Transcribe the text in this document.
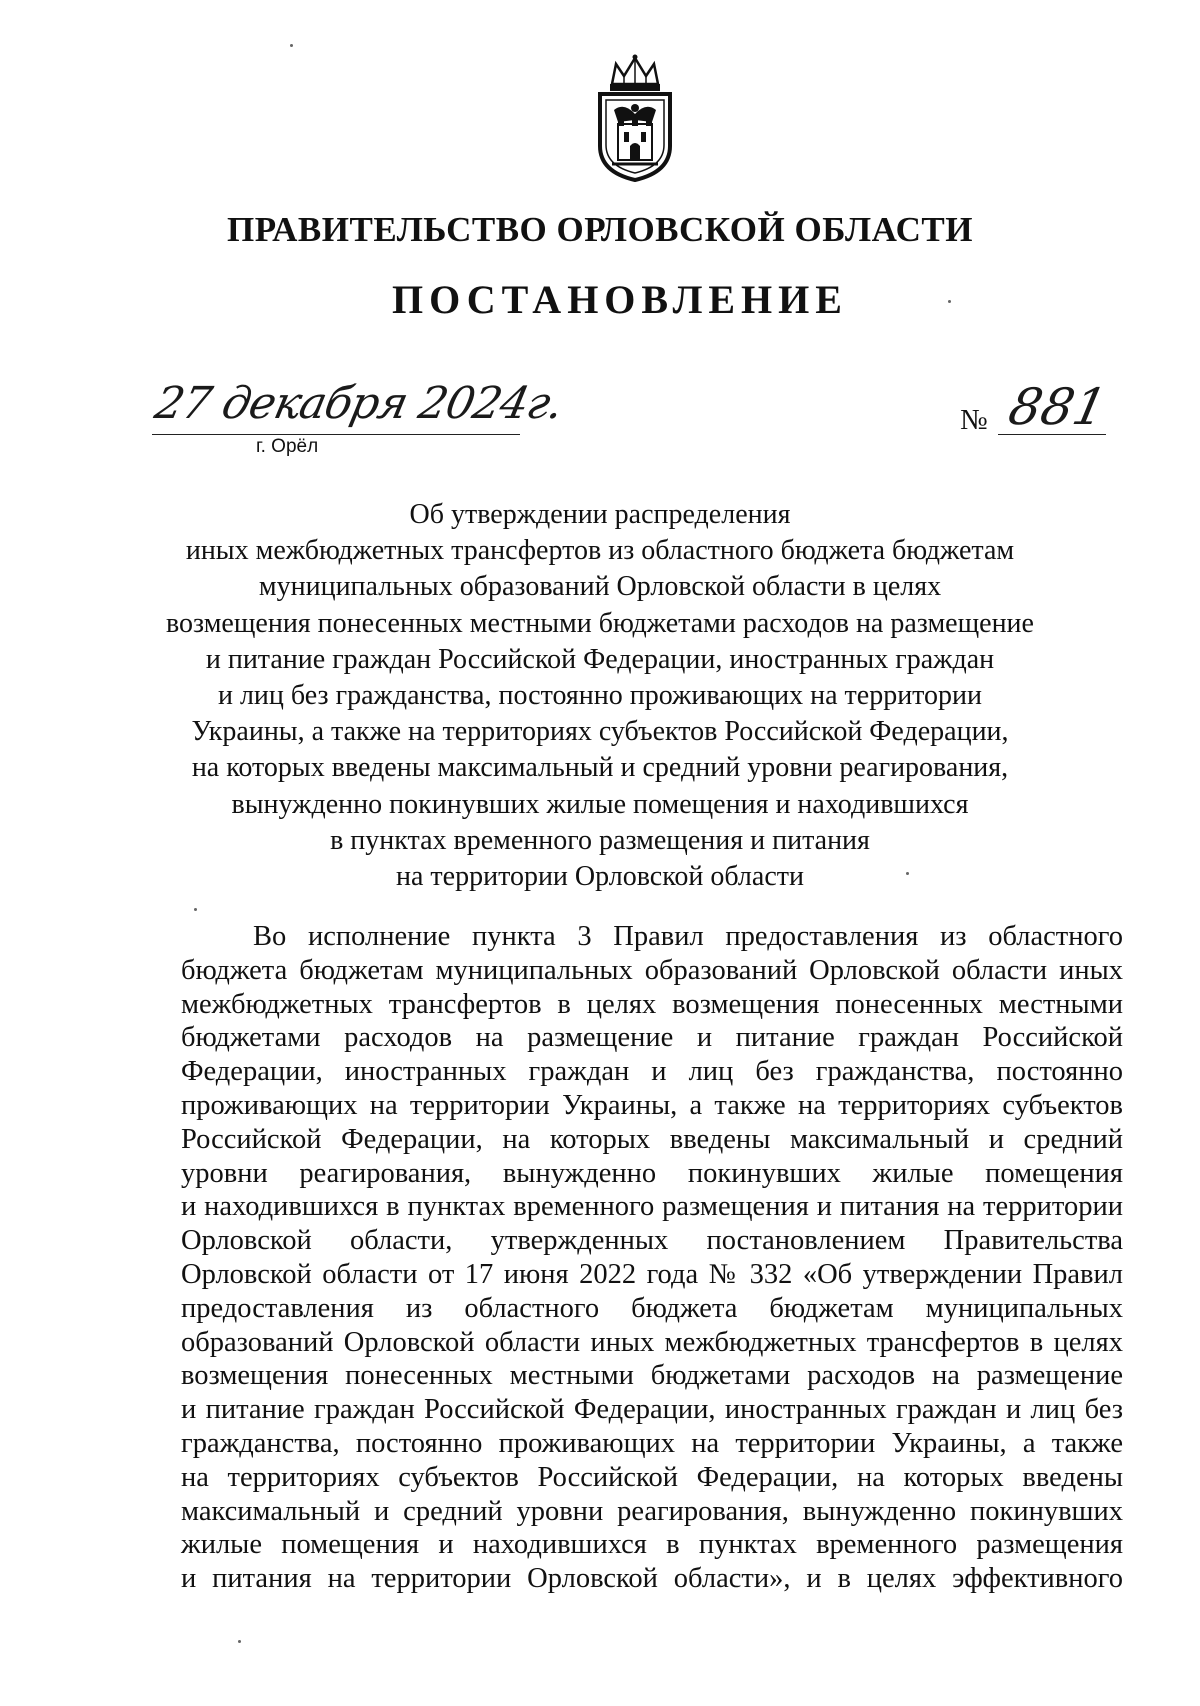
ПРАВИТЕЛЬСТВО ОРЛОВСКОЙ ОБЛАСТИ
ПОСТАНОВЛЕНИЕ
27 декабря 2024г.
г. Орёл
№ 881
Об утверждении распределения
иных межбюджетных трансфертов из областного бюджета бюджетам
муниципальных образований Орловской области в целях
возмещения понесенных местными бюджетами расходов на размещение
и питание граждан Российской Федерации, иностранных граждан
и лиц без гражданства, постоянно проживающих на территории
Украины, а также на территориях субъектов Российской Федерации,
на которых введены максимальный и средний уровни реагирования,
вынужденно покинувших жилые помещения и находившихся
в пунктах временного размещения и питания
на территории Орловской области
Во исполнение пункта 3 Правил предоставления из областного
бюджета бюджетам муниципальных образований Орловской области иных
межбюджетных трансфертов в целях возмещения понесенных местными
бюджетами расходов на размещение и питание граждан Российской
Федерации, иностранных граждан и лиц без гражданства, постоянно
проживающих на территории Украины, а также на территориях субъектов
Российской Федерации, на которых введены максимальный и средний
уровни реагирования, вынужденно покинувших жилые помещения
и находившихся в пунктах временного размещения и питания на территории
Орловской области, утвержденных постановлением Правительства
Орловской области от 17 июня 2022 года № 332 «Об утверждении Правил
предоставления из областного бюджета бюджетам муниципальных
образований Орловской области иных межбюджетных трансфертов в целях
возмещения понесенных местными бюджетами расходов на размещение
и питание граждан Российской Федерации, иностранных граждан и лиц без
гражданства, постоянно проживающих на территории Украины, а также
на территориях субъектов Российской Федерации, на которых введены
максимальный и средний уровни реагирования, вынужденно покинувших
жилые помещения и находившихся в пунктах временного размещения
и питания на территории Орловской области», и в целях эффективного
